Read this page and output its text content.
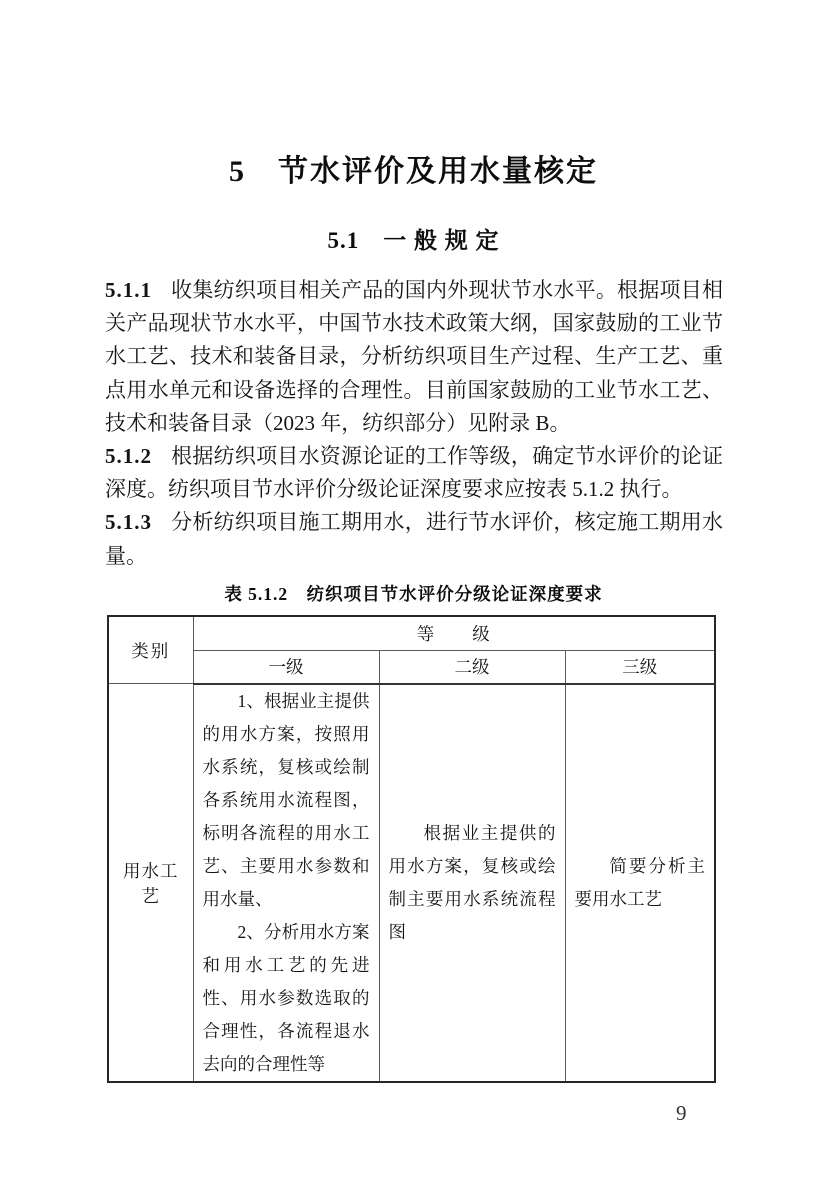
5　节水评价及用水量核定
5.1　一 般 规 定

5.1.1 收集纺织项目相关产品的国内外现状节水水平。根据项目相关产品现状节水水平，中国节水技术政策大纲，国家鼓励的工业节水工艺、技术和装备目录，分析纺织项目生产过程、生产工艺、重点用水单元和设备选择的合理性。目前国家鼓励的工业节水工艺、技术和装备目录（2023 年，纺织部分）见附录 B。

5.1.2 根据纺织项目水资源论证的工作等级，确定节水评价的论证深度。纺织项目节水评价分级论证深度要求应按表 5.1.2 执行。

5.1.3 分析纺织项目施工期用水，进行节水评价，核定施工期用水量。

表 5.1.2　纺织项目节水评价分级论证深度要求
类别	等　　级		
	一级	二级	三级
用水工艺	1、根据业主提供的用水方案，按照用水系统，复核或绘制各系统用水流程图，标明各流程的用水工艺、主要用水参数和用水量、

2、分析用水方案和用水工艺的先进性、用水参数选取的合理性，各流程退水去向的合理性等	根据业主提供的用水方案，复核或绘制主要用水系统流程图	简要分析主要用水工艺

9
